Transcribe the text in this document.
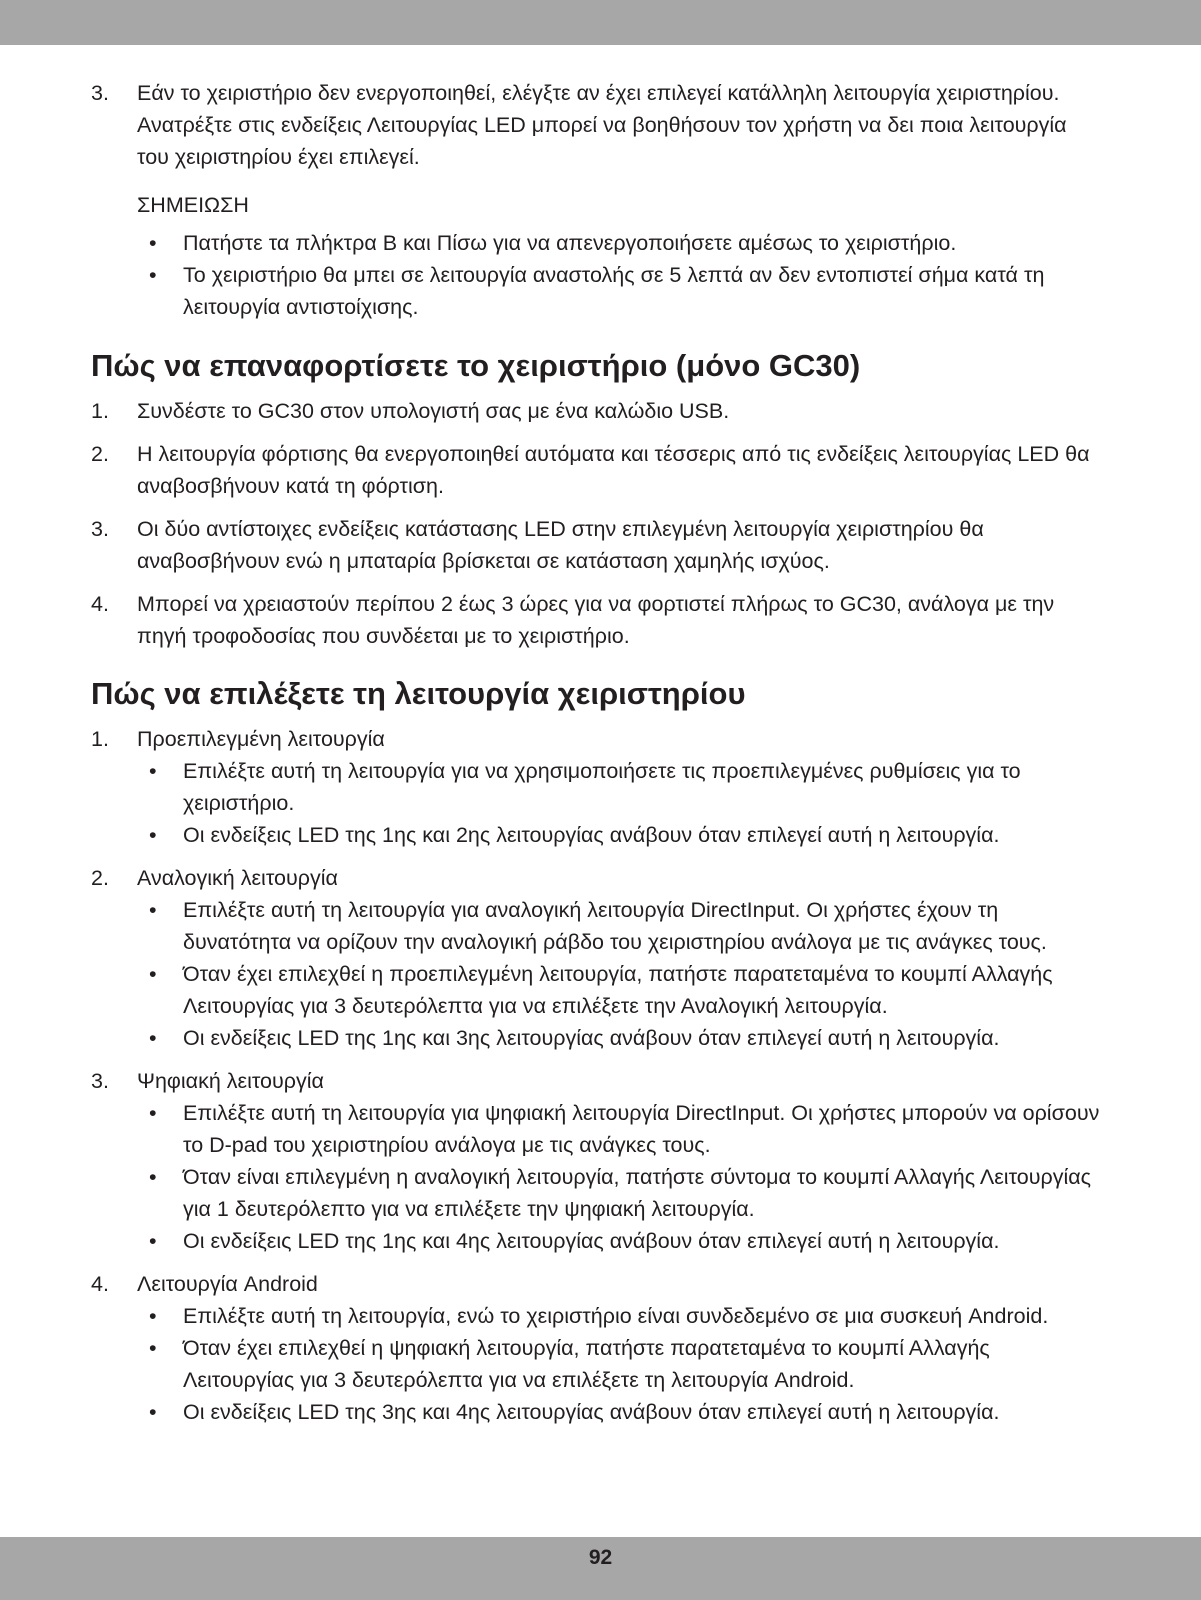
3. Εάν το χειριστήριο δεν ενεργοποιηθεί, ελέγξτε αν έχει επιλεγεί κατάλληλη λειτουργία χειριστηρίου. Ανατρέξτε στις ενδείξεις Λειτουργίας LED μπορεί να βοηθήσουν τον χρήστη να δει ποια λειτουργία του χειριστηρίου έχει επιλεγεί.
ΣΗΜΕΙΩΣΗ
• Πατήστε τα πλήκτρα B και Πίσω για να απενεργοποιήσετε αμέσως το χειριστήριο.
• Το χειριστήριο θα μπει σε λειτουργία αναστολής σε 5 λεπτά αν δεν εντοπιστεί σήμα κατά τη λειτουργία αντιστοίχισης.
Πώς να επαναφορτίσετε το χειριστήριο (μόνο GC30)
1. Συνδέστε το GC30 στον υπολογιστή σας με ένα καλώδιο USB.
2. Η λειτουργία φόρτισης θα ενεργοποιηθεί αυτόματα και τέσσερις από τις ενδείξεις λειτουργίας LED θα αναβοσβήνουν κατά τη φόρτιση.
3. Οι δύο αντίστοιχες ενδείξεις κατάστασης LED στην επιλεγμένη λειτουργία χειριστηρίου θα αναβοσβήνουν ενώ η μπαταρία βρίσκεται σε κατάσταση χαμηλής ισχύος.
4. Μπορεί να χρειαστούν περίπου 2 έως 3 ώρες για να φορτιστεί πλήρως το GC30, ανάλογα με την πηγή τροφοδοσίας που συνδέεται με το χειριστήριο.
Πώς να επιλέξετε τη λειτουργία χειριστηρίου
1. Προεπιλεγμένη λειτουργία
• Επιλέξτε αυτή τη λειτουργία για να χρησιμοποιήσετε τις προεπιλεγμένες ρυθμίσεις για το χειριστήριο.
• Οι ενδείξεις LED της 1ης και 2ης λειτουργίας ανάβουν όταν επιλεγεί αυτή η λειτουργία.
2. Αναλογική λειτουργία
• Επιλέξτε αυτή τη λειτουργία για αναλογική λειτουργία DirectInput. Οι χρήστες έχουν τη δυνατότητα να ορίζουν την αναλογική ράβδο του χειριστηρίου ανάλογα με τις ανάγκες τους.
• Όταν έχει επιλεχθεί η προεπιλεγμένη λειτουργία, πατήστε παρατεταμένα το κουμπί Αλλαγής Λειτουργίας για 3 δευτερόλεπτα για να επιλέξετε την Αναλογική λειτουργία.
• Οι ενδείξεις LED της 1ης και 3ης λειτουργίας ανάβουν όταν επιλεγεί αυτή η λειτουργία.
3. Ψηφιακή λειτουργία
• Επιλέξτε αυτή τη λειτουργία για ψηφιακή λειτουργία DirectInput. Οι χρήστες μπορούν να ορίσουν το D-pad του χειριστηρίου ανάλογα με τις ανάγκες τους.
• Όταν είναι επιλεγμένη η αναλογική λειτουργία, πατήστε σύντομα το κουμπί Αλλαγής Λειτουργίας για 1 δευτερόλεπτο για να επιλέξετε την ψηφιακή λειτουργία.
• Οι ενδείξεις LED της 1ης και 4ης λειτουργίας ανάβουν όταν επιλεγεί αυτή η λειτουργία.
4. Λειτουργία Android
• Επιλέξτε αυτή τη λειτουργία, ενώ το χειριστήριο είναι συνδεδεμένο σε μια συσκευή Android.
• Όταν έχει επιλεχθεί η ψηφιακή λειτουργία, πατήστε παρατεταμένα το κουμπί Αλλαγής Λειτουργίας για 3 δευτερόλεπτα για να επιλέξετε τη λειτουργία Android.
• Οι ενδείξεις LED της 3ης και 4ης λειτουργίας ανάβουν όταν επιλεγεί αυτή η λειτουργία.
92
